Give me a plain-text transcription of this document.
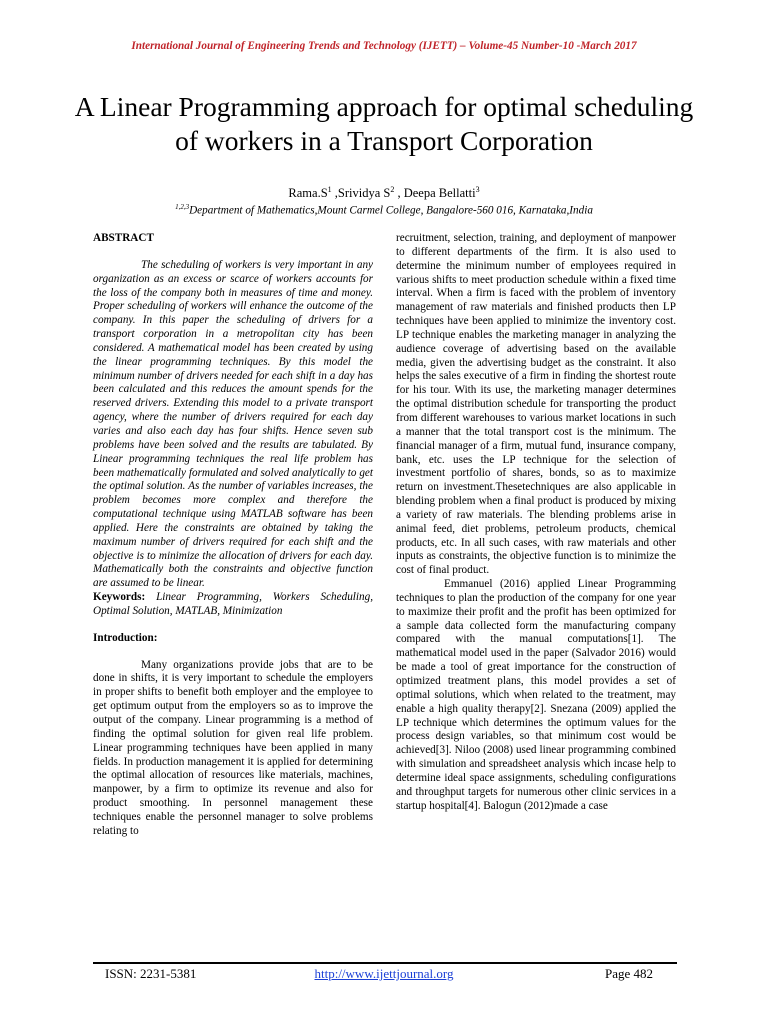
International Journal of Engineering Trends and Technology (IJETT) – Volume-45 Number-10 -March 2017
A Linear Programming approach for optimal scheduling of workers in a Transport Corporation
$Rama.S^1$ ,Srividya $S^2$ , Deepa Bellatti$^3$
$^{1,2,3}$Department of Mathematics,Mount Carmel College, Bangalore-560 016, Karnataka,India

ABSTRACT

The scheduling of workers is very important in any organization as an excess or scarce of workers accounts for the loss of the company both in measures of time and money. Proper scheduling of workers will enhance the outcome of the company. In this paper the scheduling of drivers for a transport corporation in a metropolitan city has been considered. A mathematical model has been created by using the linear programming techniques. By this model the minimum number of drivers needed for each shift in a day has been calculated and this reduces the amount spends for the reserved drivers. Extending this model to a private transport agency, where the number of drivers required for each day varies and also each day has four shifts. Hence seven sub problems have been solved and the results are tabulated. By Linear programming techniques the real life problem has been mathematically formulated and solved analytically to get the optimal solution. As the number of variables increases, the problem becomes more complex and therefore the computational technique using MATLAB software has been applied. Here the constraints are obtained by taking the maximum number of drivers required for each shift and the objective is to minimize the allocation of drivers for each day. Mathematically both the constraints and objective function are assumed to be linear.

Keywords: Linear Programming, Workers Scheduling, Optimal Solution, MATLAB, Minimization

Introduction:

Many organizations provide jobs that are to be done in shifts, it is very important to schedule the employers in proper shifts to benefit both employer and the employee to get optimum output from the employers so as to improve the output of the company. Linear programming is a method of finding the optimal solution for given real life problem. Linear programming techniques have been applied in many fields. In production management it is applied for determining the optimal allocation of resources like materials, machines, manpower, by a firm to optimize its revenue and also for product smoothing. In personnel management these techniques enable the personnel manager to solve problems relating to

recruitment, selection, training, and deployment of manpower to different departments of the firm. It is also used to determine the minimum number of employees required in various shifts to meet production schedule within a fixed time interval. When a firm is faced with the problem of inventory management of raw materials and finished products then LP techniques have been applied to minimize the inventory cost. LP technique enables the marketing manager in analyzing the audience coverage of advertising based on the available media, given the advertising budget as the constraint. It also helps the sales executive of a firm in finding the shortest route for his tour. With its use, the marketing manager determines the optimal distribution schedule for transporting the product from different warehouses to various market locations in such a manner that the total transport cost is the minimum. The financial manager of a firm, mutual fund, insurance company, bank, etc. uses the LP technique for the selection of investment portfolio of shares, bonds, so as to maximize return on investment.Thesetechniques are also applicable in blending problem when a final product is produced by mixing a variety of raw materials. The blending problems arise in animal feed, diet problems, petroleum products, chemical products, etc. In all such cases, with raw materials and other inputs as constraints, the objective function is to minimize the cost of final product.

Emmanuel (2016) applied Linear Programming techniques to plan the production of the company for one year to maximize their profit and the profit has been optimized for a sample data collected form the manufacturing company compared with the manual computations[1]. The mathematical model used in the paper (Salvador 2016) would be made a tool of great importance for the construction of optimized treatment plans, this model provides a set of optimal solutions, which when related to the treatment, may enable a high quality therapy[2]. Snezana (2009) applied the LP technique which determines the optimum values for the process design variables, so that minimum cost would be achieved[3]. Niloo (2008) used linear programming combined with simulation and spreadsheet analysis which incase help to determine ideal space assignments, scheduling configurations and throughput targets for numerous other clinic services in a startup hospital[4]. Balogun (2012)made a case

ISSN: 2231-5381	http://www.ijettjournal.org	Page 482
